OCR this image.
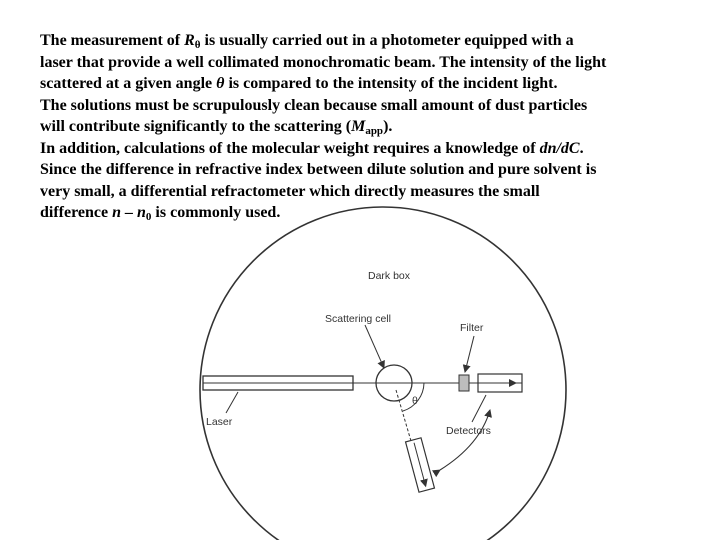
The measurement of $R_\theta$ is usually carried out in a photometer equipped with a
laser that provide a well collimated monochromatic beam. The intensity of the light
scattered at a given angle θ is compared to the intensity of the incident light.
The solutions must be scrupulously clean because small amount of dust particles
will contribute significantly to the scattering $(M_{app})$.
In addition, calculations of the molecular weight requires a knowledge of dn/dC.
Since the difference in refractive index between dilute solution and pure solvent is
very small, a differential refractometer which directly measures the small
difference n – $n_0$ is commonly used.
θ
Dark box
Scattering cell
Filter
Laser
Detectors
